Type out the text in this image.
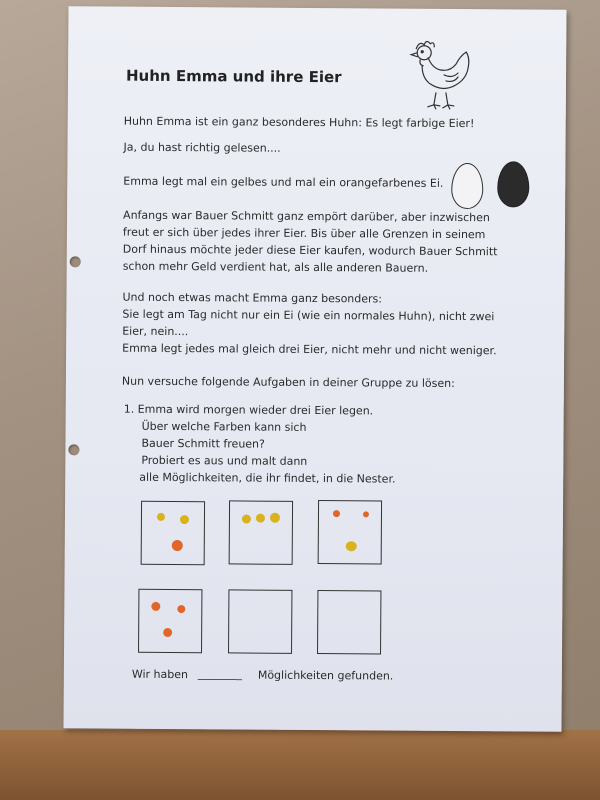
Huhn Emma und ihre Eier
Huhn Emma ist ein ganz besonderes Huhn: Es legt farbige Eier!
Ja, du hast richtig gelesen....
Emma legt mal ein gelbes und mal ein orangefarbenes Ei.
Anfangs war Bauer Schmitt ganz empört darüber, aber inzwischen
freut er sich über jedes ihrer Eier. Bis über alle Grenzen in seinem
Dorf hinaus möchte jeder diese Eier kaufen, wodurch Bauer Schmitt
schon mehr Geld verdient hat, als alle anderen Bauern.
Und noch etwas macht Emma ganz besonders:
Sie legt am Tag nicht nur ein Ei (wie ein normales Huhn), nicht zwei
Eier, nein....
Emma legt jedes mal gleich drei Eier, nicht mehr und nicht weniger.
Nun versuche folgende Aufgaben in deiner Gruppe zu lösen:
1. Emma wird morgen wieder drei Eier legen.
Über welche Farben kann sich
Bauer Schmitt freuen?
Probiert es aus und malt dann
alle Möglichkeiten, die ihr findet, in die Nester.
Wir haben ________ Möglichkeiten gefunden.
